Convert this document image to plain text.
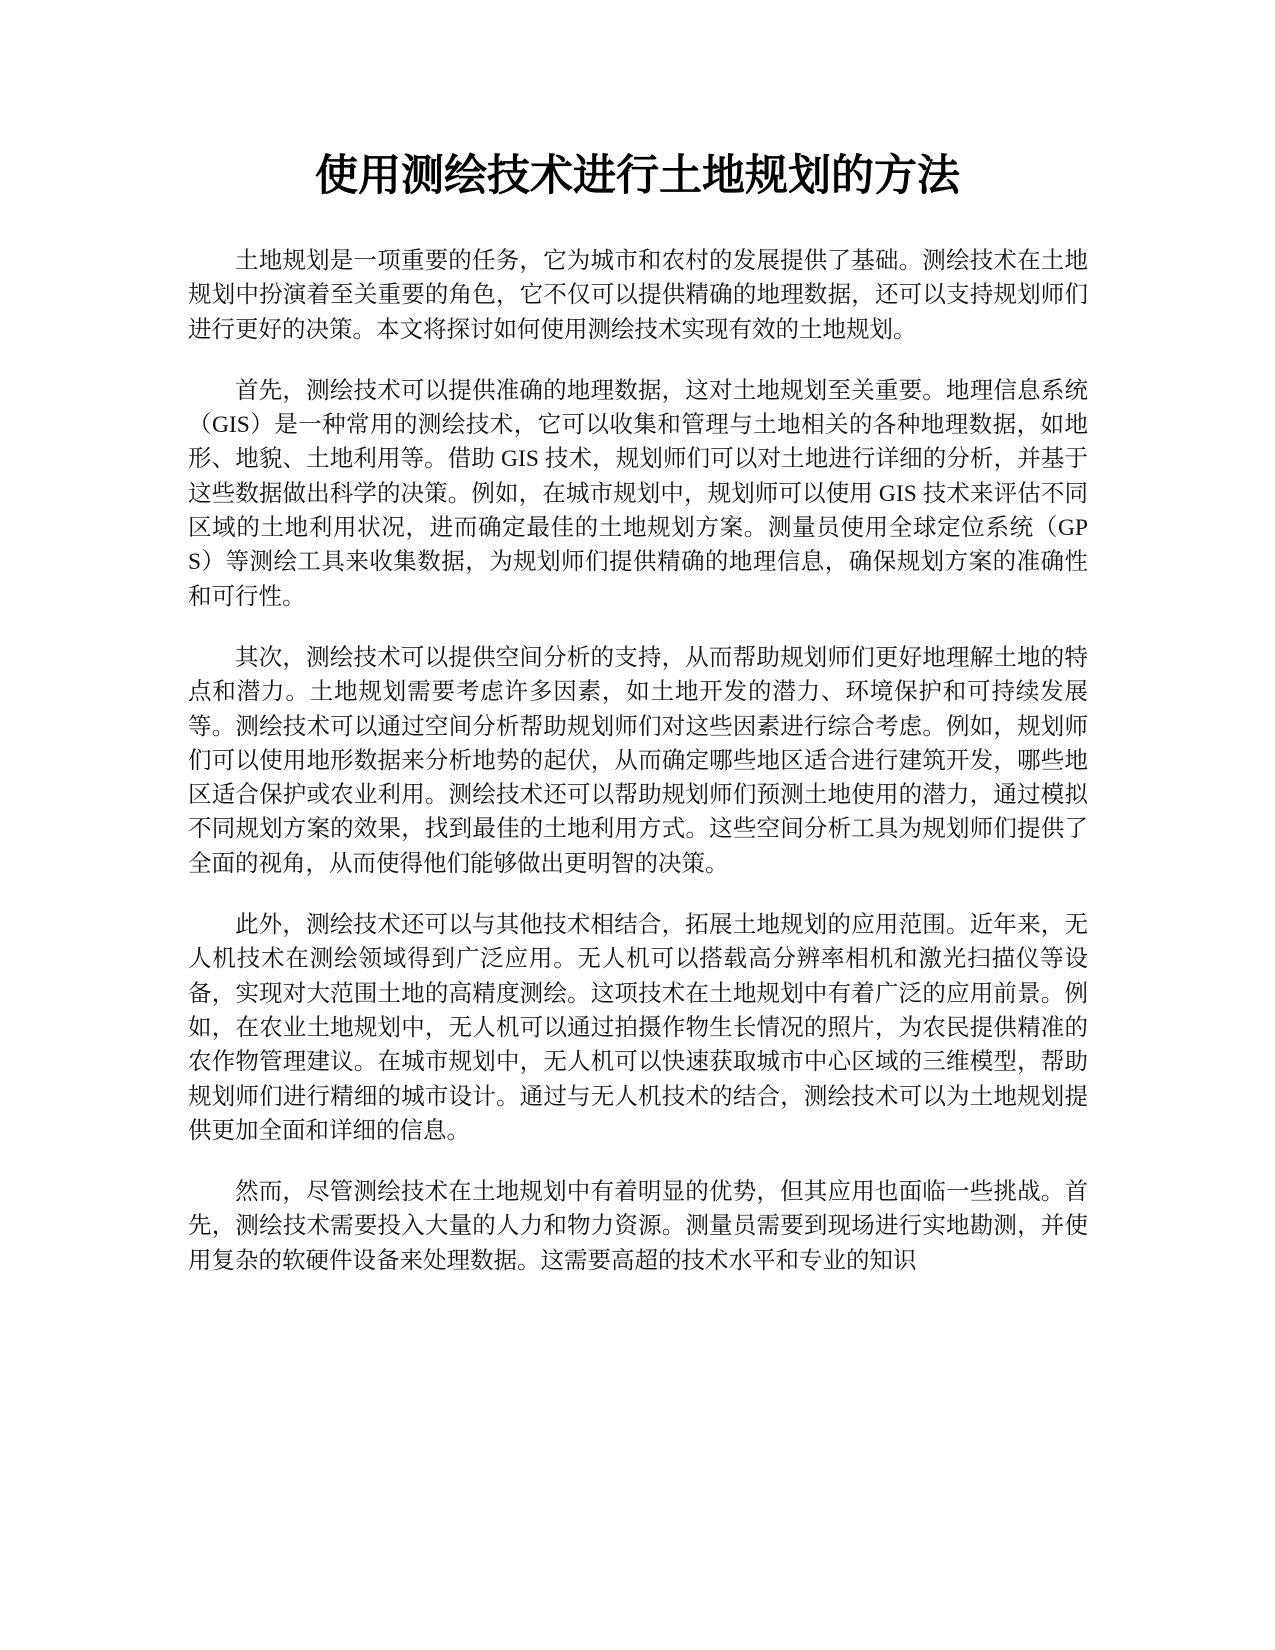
使用测绘技术进行土地规划的方法

土地规划是一项重要的任务，它为城市和农村的发展提供了基础。测绘技术在土地规划中扮演着至关重要的角色，它不仅可以提供精确的地理数据，还可以支持规划师们进行更好的决策。本文将探讨如何使用测绘技术实现有效的土地规划。

首先，测绘技术可以提供准确的地理数据，这对土地规划至关重要。地理信息系统（GIS）是一种常用的测绘技术，它可以收集和管理与土地相关的各种地理数据，如地形、地貌、土地利用等。借助 GIS 技术，规划师们可以对土地进行详细的分析，并基于这些数据做出科学的决策。例如，在城市规划中，规划师可以使用 GIS 技术来评估不同区域的土地利用状况，进而确定最佳的土地规划方案。测量员使用全球定位系统（GPS）等测绘工具来收集数据，为规划师们提供精确的地理信息，确保规划方案的准确性和可行性。

其次，测绘技术可以提供空间分析的支持，从而帮助规划师们更好地理解土地的特点和潜力。土地规划需要考虑许多因素，如土地开发的潜力、环境保护和可持续发展等。测绘技术可以通过空间分析帮助规划师们对这些因素进行综合考虑。例如，规划师们可以使用地形数据来分析地势的起伏，从而确定哪些地区适合进行建筑开发，哪些地区适合保护或农业利用。测绘技术还可以帮助规划师们预测土地使用的潜力，通过模拟不同规划方案的效果，找到最佳的土地利用方式。这些空间分析工具为规划师们提供了全面的视角，从而使得他们能够做出更明智的决策。

此外，测绘技术还可以与其他技术相结合，拓展土地规划的应用范围。近年来，无人机技术在测绘领域得到广泛应用。无人机可以搭载高分辨率相机和激光扫描仪等设备，实现对大范围土地的高精度测绘。这项技术在土地规划中有着广泛的应用前景。例如，在农业土地规划中，无人机可以通过拍摄作物生长情况的照片，为农民提供精准的农作物管理建议。在城市规划中，无人机可以快速获取城市中心区域的三维模型，帮助规划师们进行精细的城市设计。通过与无人机技术的结合，测绘技术可以为土地规划提供更加全面和详细的信息。

然而，尽管测绘技术在土地规划中有着明显的优势，但其应用也面临一些挑战。首先，测绘技术需要投入大量的人力和物力资源。测量员需要到现场进行实地勘测，并使用复杂的软硬件设备来处理数据。这需要高超的技术水平和专业的知识
